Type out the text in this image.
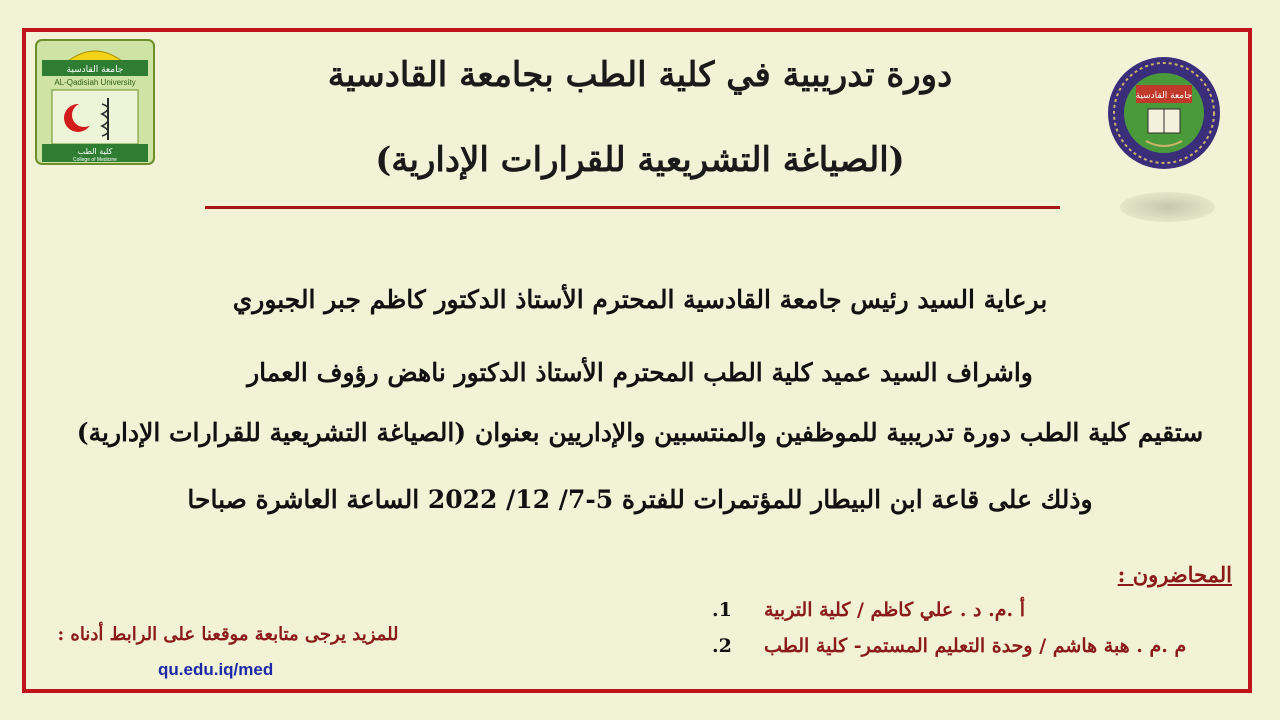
جامعة القادسية
AL-Qadisiah University
كلية الطب
College of Medicine
جامعة القادسية
دورة تدريبية في كلية الطب بجامعة القادسية
(الصياغة التشريعية للقرارات الإدارية)
برعاية السيد رئيس جامعة القادسية المحترم الأستاذ الدكتور كاظم جبر الجبوري
واشراف السيد عميد كلية الطب المحترم الأستاذ الدكتور ناهض رؤوف العمار
ستقيم كلية الطب دورة تدريبية للموظفين والمنتسبين والإداريين بعنوان (الصياغة التشريعية للقرارات الإدارية)
وذلك على قاعة ابن البيطار للمؤتمرات للفترة 5-7/ 12/ 2022 الساعة العاشرة صباحا
المحاضرون :
1.	أ .م. د . علي كاظم / كلية التربية
2.	م .م . هبة هاشم / وحدة التعليم المستمر- كلية الطب
للمزيد يرجى متابعة موقعنا على الرابط أدناه :
qu.edu.iq/med
